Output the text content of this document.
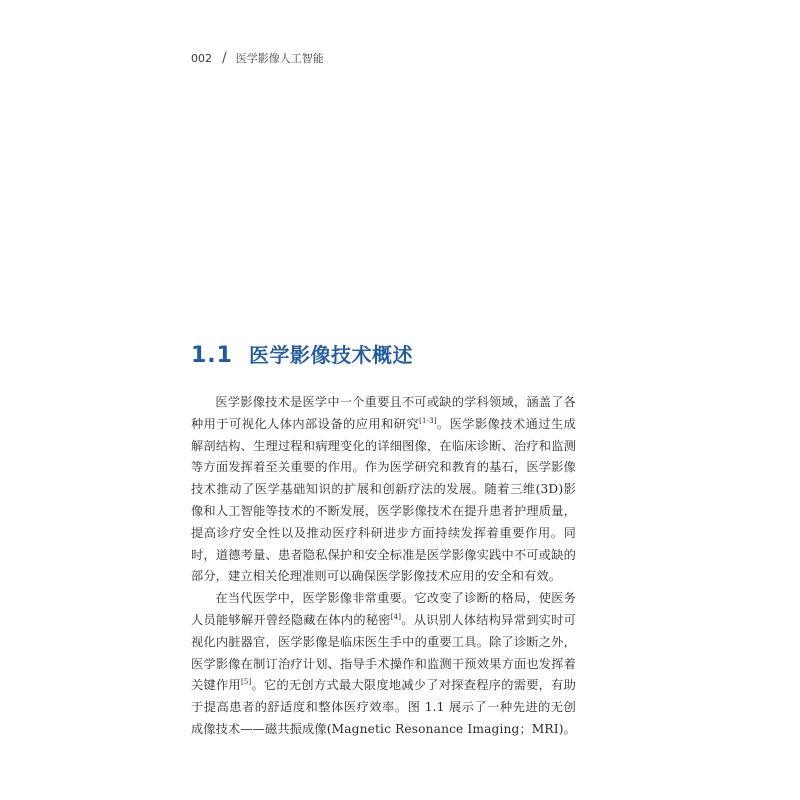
002 / 医学影像人工智能
1.1 医学影像技术概述

医学影像技术是医学中一个重要且不可或缺的学科领域，涵盖了各种用于可视化人体内部设备的应用和研究[1-3]。医学影像技术通过生成解剖结构、生理过程和病理变化的详细图像，在临床诊断、治疗和监测等方面发挥着至关重要的作用。作为医学研究和教育的基石，医学影像技术推动了医学基础知识的扩展和创新疗法的发展。随着三维(3D)影像和人工智能等技术的不断发展，医学影像技术在提升患者护理质量，提高诊疗安全性以及推动医疗科研进步方面持续发挥着重要作用。同时，道德考量、患者隐私保护和安全标准是医学影像实践中不可或缺的部分，建立相关伦理准则可以确保医学影像技术应用的安全和有效。

在当代医学中，医学影像非常重要。它改变了诊断的格局，使医务人员能够解开曾经隐藏在体内的秘密[4]。从识别人体结构异常到实时可视化内脏器官，医学影像是临床医生手中的重要工具。除了诊断之外，医学影像在制订治疗计划、指导手术操作和监测干预效果方面也发挥着关键作用[5]。它的无创方式最大限度地减少了对探查程序的需要，有助于提高患者的舒适度和整体医疗效率。图 1.1 展示了一种先进的无创成像技术——磁共振成像(Magnetic Resonance Imaging；MRI)。
